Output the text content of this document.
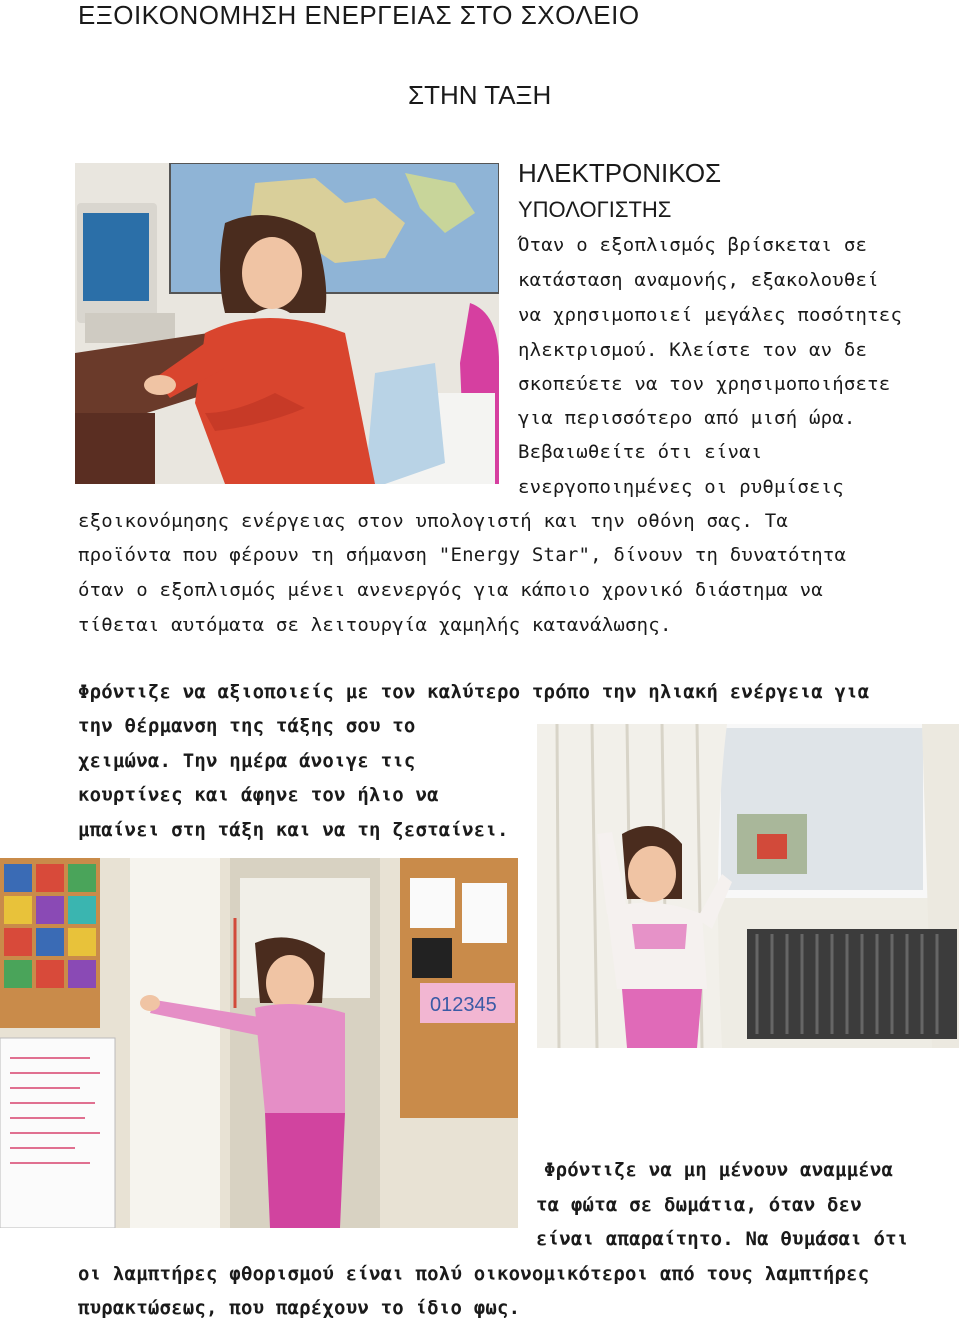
ΕΞΟΙΚΟΝΟΜΗΣΗ ΕΝΕΡΓΕΙΑΣ ΣΤΟ ΣΧΟΛΕΙΟ
ΣΤΗΝ ΤΑΞΗ
ΗΛΕΚΤΡΟΝΙΚΟΣ
ΥΠΟΛΟΓΙΣΤΗΣ
Όταν ο εξοπλισμός βρίσκεται σε
κατάσταση αναμονής, εξακολουθεί
να χρησιμοποιεί μεγάλες ποσότητες
ηλεκτρισμού. Κλείστε τον αν δε
σκοπεύετε να τον χρησιμοποιήσετε
για περισσότερο από μισή ώρα.
Βεβαιωθείτε ότι είναι
ενεργοποιημένες οι ρυθμίσεις
εξοικονόμησης ενέργειας στον υπολογιστή και την οθόνη σας. Τα
προϊόντα που φέρουν τη σήμανση "Energy Star", δίνουν τη δυνατότητα
όταν ο εξοπλισμός μένει ανενεργός για κάποιο χρονικό διάστημα να
τίθεται αυτόματα σε λειτουργία χαμηλής κατανάλωσης.
Φρόντιζε να αξιοποιείς με τον καλύτερο τρόπο την ηλιακή ενέργεια για
την θέρμανση της τάξης σου το
χειμώνα. Την ημέρα άνοιγε τις
κουρτίνες και άφηνε τον ήλιο να
μπαίνει στη τάξη και να τη ζεσταίνει.
012345
Φρόντιζε να μη μένουν αναμμένα
τα φώτα σε δωμάτια, όταν δεν
είναι απαραίτητο. Να θυμάσαι ότι
οι λαμπτήρες φθορισμού είναι πολύ οικονομικότεροι από τους λαμπτήρες
πυρακτώσεως, που παρέχουν το ίδιο φως.
